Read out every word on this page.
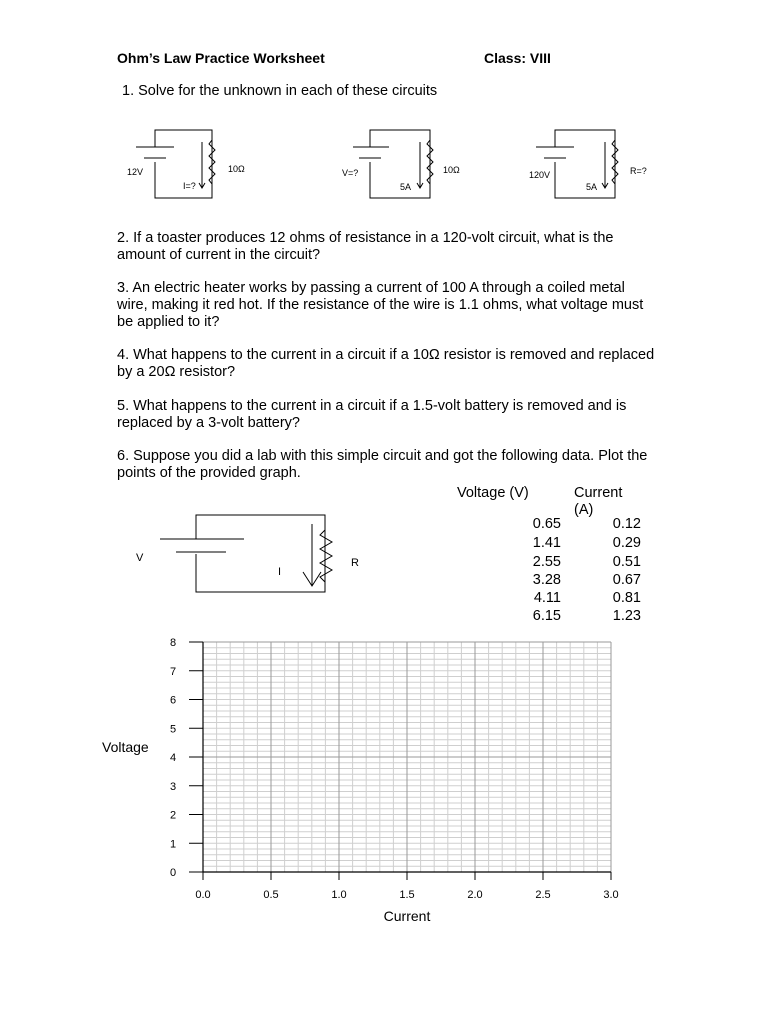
Ohm’s Law Practice Worksheet	Class: VIII
1. Solve for the unknown in each of these circuits
12V
I=?
10Ω	V=?
5A
10Ω	120V
5A
R=?
2. If a toaster produces 12 ohms of resistance in a 120-volt circuit, what is the amount of current in the circuit?
3. An electric heater works by passing a current of 100 A through a coiled metal wire, making it red hot. If the resistance of the wire is 1.1 ohms, what voltage must be applied to it?
4. What happens to the current in a circuit if a 10Ω resistor is removed and replaced by a 20Ω resistor?
5. What happens to the current in a circuit if a 1.5-volt battery is removed and is replaced by a 3-volt battery?
6. Suppose you did a lab with this simple circuit and got the following data. Plot the points of the provided graph.
Voltage (V)	Current (A)
0.65	0.12
1.41	0.29
2.55	0.51
3.28	0.67
4.11	0.81
6.15	1.23
V
I
R
0.0	0.5	1.0	1.5	2.0	2.5	3.0
0
1
2
3
4
5
6
7
8
Current
Voltage
